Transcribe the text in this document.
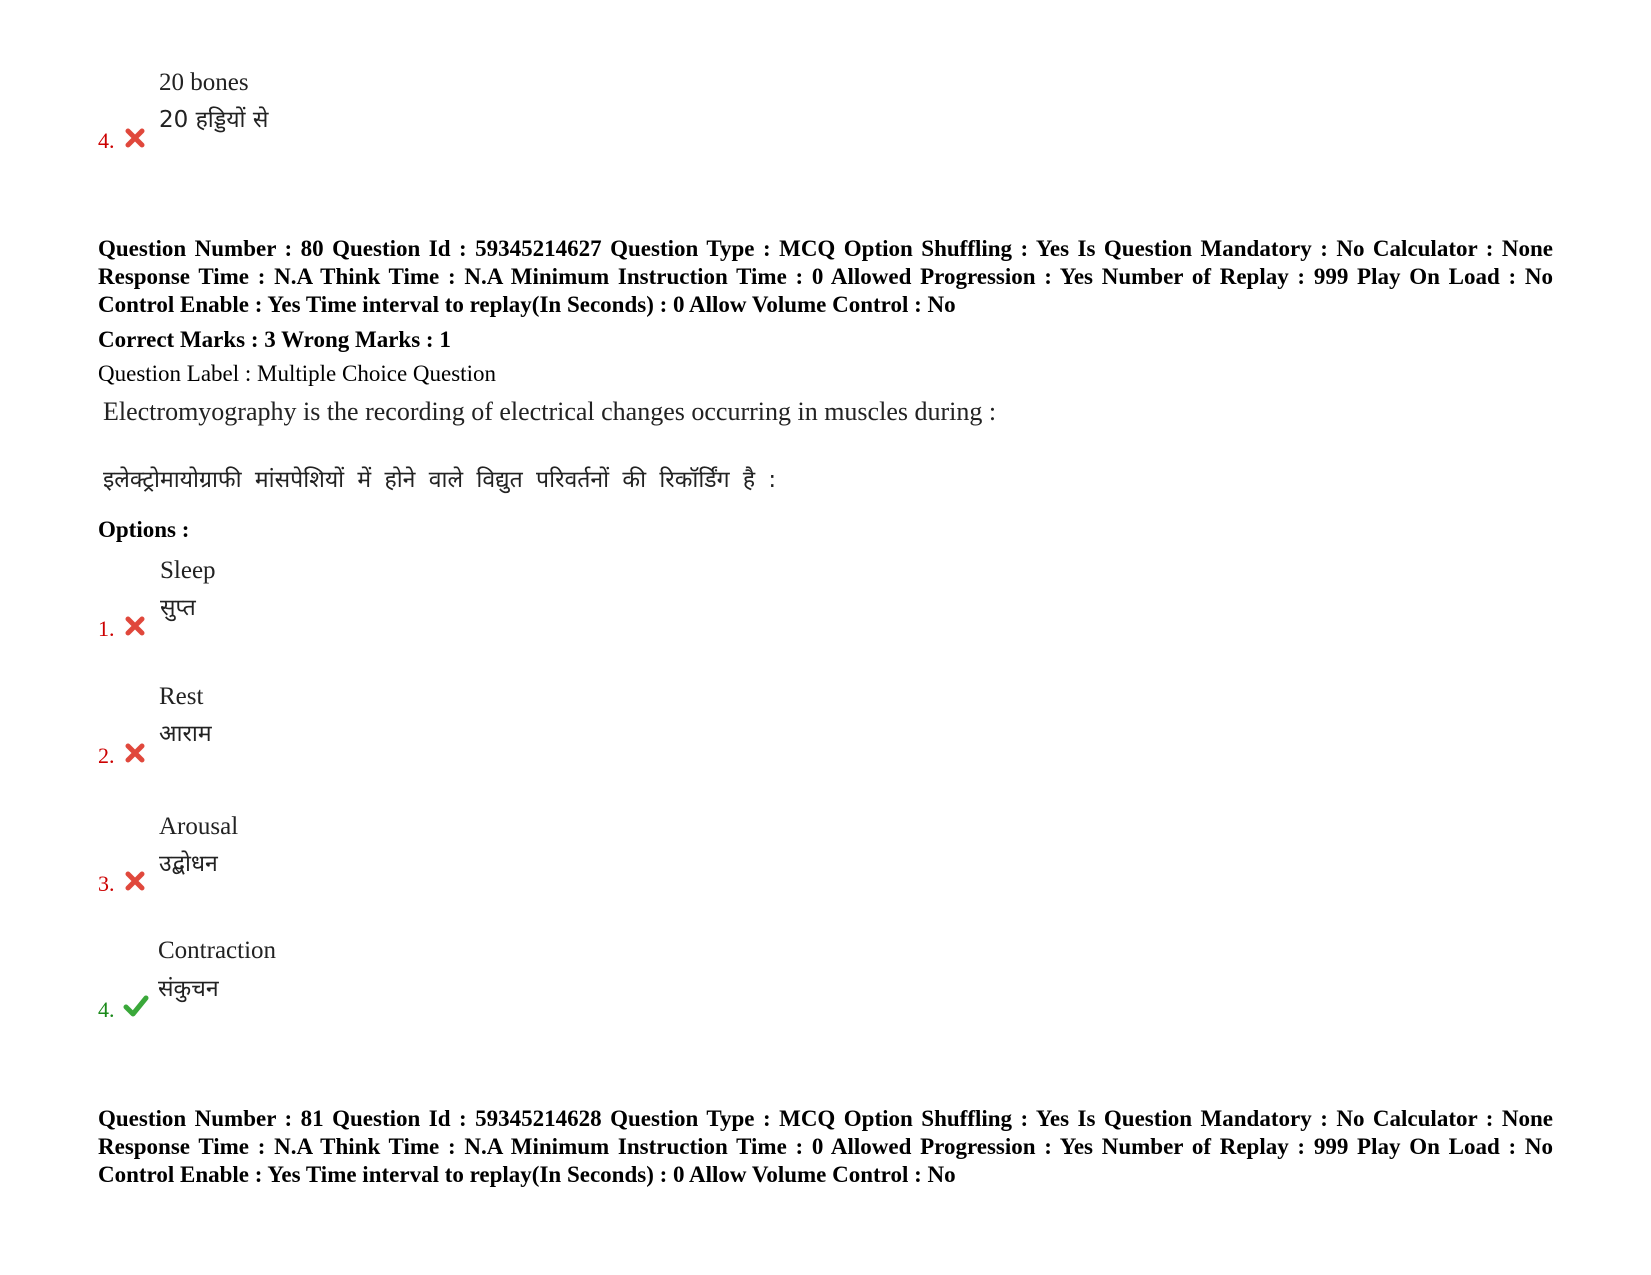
20 bones
20 हड्डियों से
4.
Question Number : 80 Question Id : 59345214627 Question Type : MCQ Option Shuffling : Yes Is Question Mandatory : No Calculator : None Response Time : N.A Think Time : N.A Minimum Instruction Time : 0 Allowed Progression : Yes Number of Replay : 999 Play On Load : No Control Enable : Yes Time interval to replay(In Seconds) : 0 Allow Volume Control : No
Correct Marks : 3 Wrong Marks : 1
Question Label : Multiple Choice Question
Electromyography is the recording of electrical changes occurring in muscles during :
इलेक्ट्रोमायोग्राफी मांसपेशियों में होने वाले विद्युत परिवर्तनों की रिकॉर्डिंग है :
Options :
Sleep
सुप्त
1.
Rest
आराम
2.
Arousal
उद्बोधन
3.
Contraction
संकुचन
4.
Question Number : 81 Question Id : 59345214628 Question Type : MCQ Option Shuffling : Yes Is Question Mandatory : No Calculator : None Response Time : N.A Think Time : N.A Minimum Instruction Time : 0 Allowed Progression : Yes Number of Replay : 999 Play On Load : No Control Enable : Yes Time interval to replay(In Seconds) : 0 Allow Volume Control : No
